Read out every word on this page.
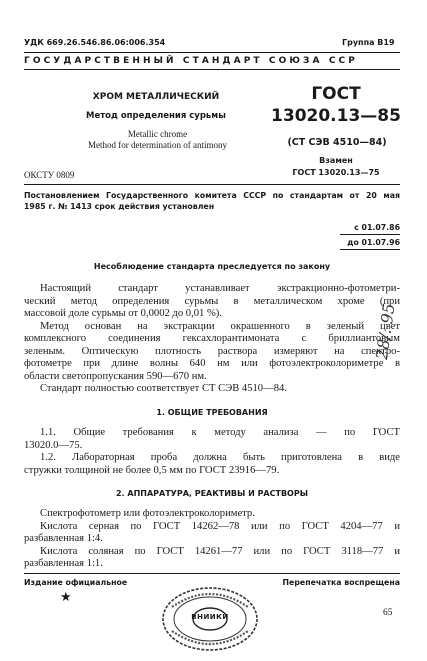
УДК 669.26.546.86.06:006.354	Группа В19
ГОСУДАРСТВЕННЫЙ СТАНДАРТ СОЮЗА ССР
ХРОМ МЕТАЛЛИЧЕСКИЙ
Метод определения сурьмы
Metallic chrome
Method for determination of antimony
ГОСТ
13020.13—85
(СТ СЭВ 4510—84)
Взамен
ГОСТ 13020.13—75
ОКСТУ 0809
Постановлением Государственного комитета СССР по стандартам от 20 мая
1985 г. № 1413 срок действия установлен
с 01.07.86
до 01.07.96
Несоблюдение стандарта преследуется по закону

Настоящий стандарт устанавливает экстракционно-фотометри-

ческий метод определения сурьмы в металлическом хроме (при

массовой доле сурьмы от 0,0002 до 0,01 %).

Метод основан на экстракции окрашенного в зеленый цвет

комплексного соединения гексахлорантимоната с бриллиантовым

зеленым. Оптическую плотность раствора измеряют на спектро-

фотометре при длине волны 640 нм или фотоэлектроколориметре в

области светопропускания 590—670 нм.

Стандарт полностью соответствует СТ СЭВ 4510—84.

1. ОБЩИЕ ТРЕБОВАНИЯ

1.1. Общие требования к методу анализа — по ГОСТ

13020.0—75.

1.2. Лабораторная проба должна быть приготовлена в виде

стружки толщиной не более 0,5 мм по ГОСТ 23916—79.

2. АППАРАТУРА, РЕАКТИВЫ И РАСТВОРЫ

Спектрофотометр или фотоэлектроколориметр.

Кислота серная по ГОСТ 14262—78 или по ГОСТ 4204—77 и

разбавленная 1:4.

Кислота соляная по ГОСТ 14261—77 или по ГОСТ 3118—77 и

разбавленная 1:1.

Издание официальное	Перепечатка воспрещена
★
65
ВНИИКИ
28/. 95
